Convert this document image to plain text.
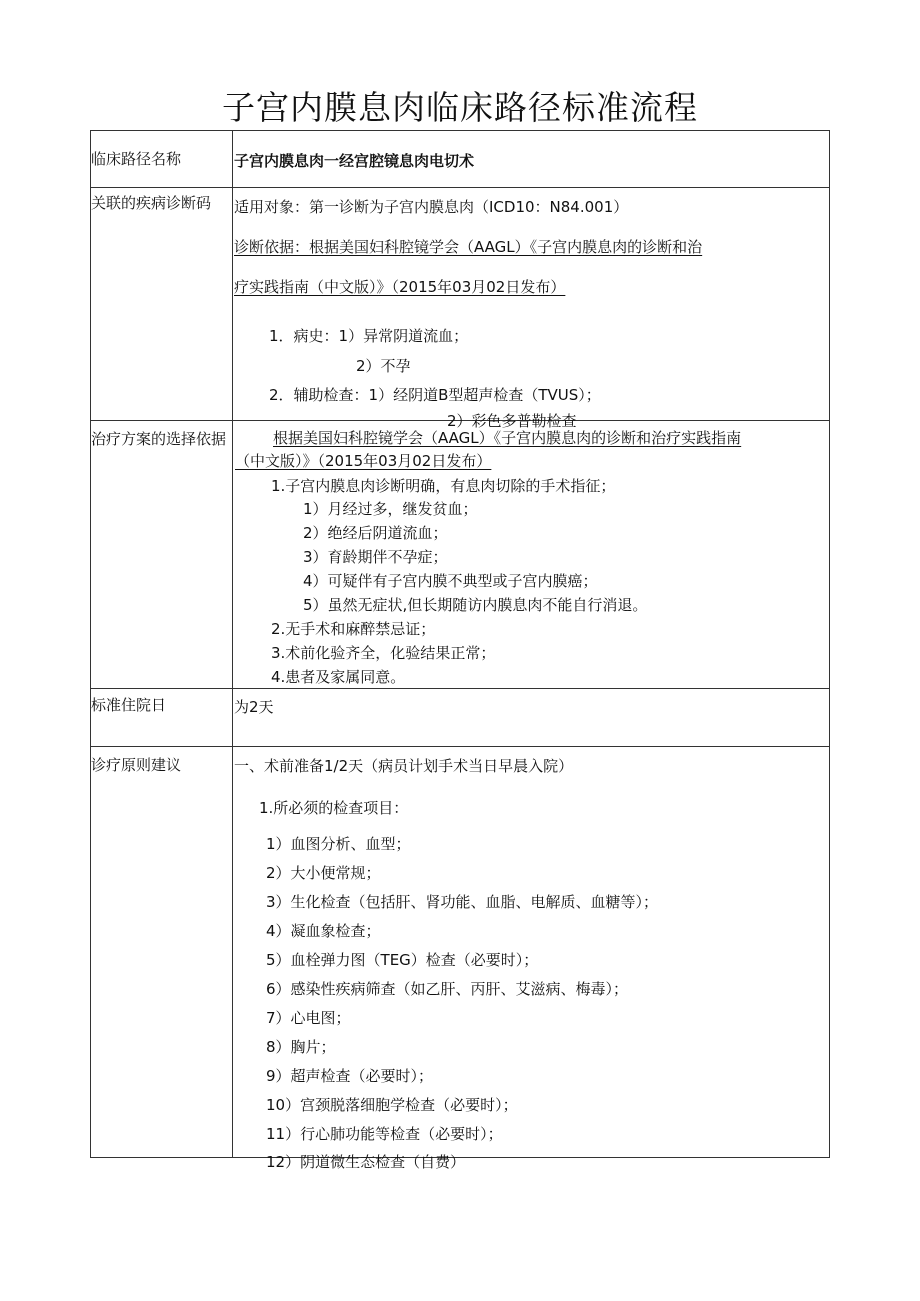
子宫内膜息肉临床路径标准流程
临床路径名称	子宫内膜息肉一经宫腔镜息肉电切术
关联的疾病诊断码 适用对象：第一诊断为子宫内膜息肉（ICD10：N84.001）
诊断依据：根据美国妇科腔镜学会（AAGL）《子宫内膜息肉的诊断和治
疗实践指南（中文版）》（2015年03月02日发布）
1．病史：1）异常阴道流血；
2）不孕
2．辅助检查：1）经阴道B型超声检查（TVUS）；
2）彩色多普勒检查
治疗方案的选择依据	根据美国妇科腔镜学会（AAGL）《子宫内膜息肉的诊断和治疗实践指南
（中文版）》（2015年03月02日发布）
1.子宫内膜息肉诊断明确，有息肉切除的手术指征；
1）月经过多，继发贫血；
2）绝经后阴道流血；
3）育龄期伴不孕症；
4）可疑伴有子宫内膜不典型或子宫内膜癌；
5）虽然无症状,但长期随访内膜息肉不能自行消退。
2.无手术和麻醉禁忌证；
3.术前化验齐全，化验结果正常；
4.患者及家属同意。
标准住院日	为2天
诊疗原则建议	一、术前准备1/2天（病员计划手术当日早晨入院）
1.所必须的检查项目：
1）血图分析、血型；
2）大小便常规；
3）生化检查（包括肝、肾功能、血脂、电解质、血糖等）；
4）凝血象检查；
5）血栓弹力图（TEG）检查（必要时）；
6）感染性疾病筛查（如乙肝、丙肝、艾滋病、梅毒）；
7）心电图；
8）胸片；
9）超声检查（必要时）；
10）宫颈脱落细胞学检查（必要时）；
11）行心肺功能等检查（必要时）；
12）阴道微生态检查（自费）
